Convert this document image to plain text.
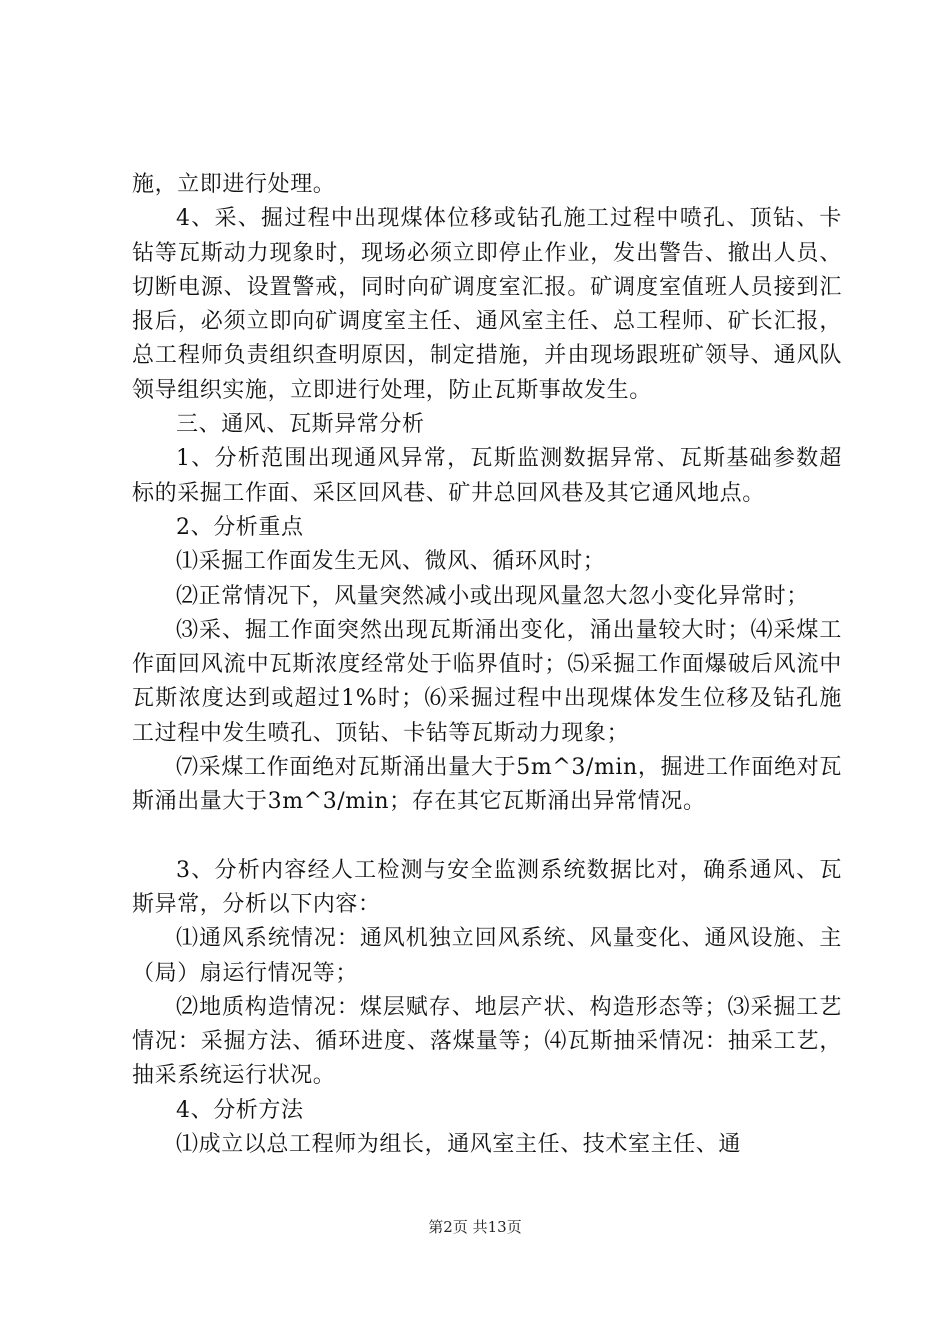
施，立即进行处理。

4、采、掘过程中出现煤体位移或钻孔施工过程中喷孔、顶钻、卡钻等瓦斯动力现象时，现场必须立即停止作业，发出警告、撤出人员、切断电源、设置警戒，同时向矿调度室汇报。矿调度室值班人员接到汇报后，必须立即向矿调度室主任、通风室主任、总工程师、矿长汇报，总工程师负责组织查明原因，制定措施，并由现场跟班矿领导、通风队领导组织实施，立即进行处理，防止瓦斯事故发生。

三、通风、瓦斯异常分析

1、分析范围出现通风异常，瓦斯监测数据异常、瓦斯基础参数超标的采掘工作面、采区回风巷、矿井总回风巷及其它通风地点。

2、分析重点

⑴采掘工作面发生无风、微风、循环风时；

⑵正常情况下，风量突然减小或出现风量忽大忽小变化异常时；

⑶采、掘工作面突然出现瓦斯涌出变化，涌出量较大时；⑷采煤工作面回风流中瓦斯浓度经常处于临界值时；⑸采掘工作面爆破后风流中瓦斯浓度达到或超过1%时；⑹采掘过程中出现煤体发生位移及钻孔施工过程中发生喷孔、顶钻、卡钻等瓦斯动力现象；

⑺采煤工作面绝对瓦斯涌出量大于5m^3/min，掘进工作面绝对瓦斯涌出量大于3m^3/min；存在其它瓦斯涌出异常情况。

3、分析内容经人工检测与安全监测系统数据比对，确系通风、瓦斯异常，分析以下内容：

⑴通风系统情况：通风机独立回风系统、风量变化、通风设施、主（局）扇运行情况等；

⑵地质构造情况：煤层赋存、地层产状、构造形态等；⑶采掘工艺情况：采掘方法、循环进度、落煤量等；⑷瓦斯抽采情况：抽采工艺，抽采系统运行状况。

4、分析方法

⑴成立以总工程师为组长，通风室主任、技术室主任、通

第2页 共13页
